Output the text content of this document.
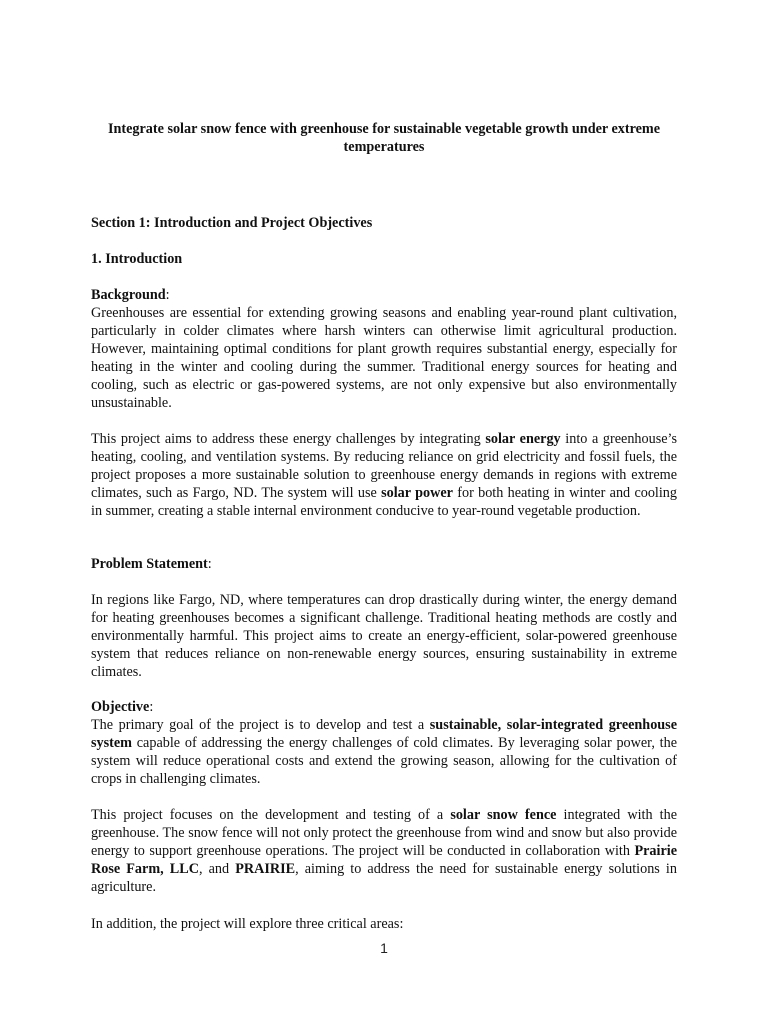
Integrate solar snow fence with greenhouse for sustainable vegetable growth under extreme temperatures

Section 1: Introduction and Project Objectives

1. Introduction

Background:

Greenhouses are essential for extending growing seasons and enabling year-round plant cultivation, particularly in colder climates where harsh winters can otherwise limit agricultural production. However, maintaining optimal conditions for plant growth requires substantial energy, especially for heating in the winter and cooling during the summer. Traditional energy sources for heating and cooling, such as electric or gas-powered systems, are not only expensive but also environmentally unsustainable.

This project aims to address these energy challenges by integrating solar energy into a greenhouse’s heating, cooling, and ventilation systems. By reducing reliance on grid electricity and fossil fuels, the project proposes a more sustainable solution to greenhouse energy demands in regions with extreme climates, such as Fargo, ND. The system will use solar power for both heating in winter and cooling in summer, creating a stable internal environment conducive to year-round vegetable production.

Problem Statement:

In regions like Fargo, ND, where temperatures can drop drastically during winter, the energy demand for heating greenhouses becomes a significant challenge. Traditional heating methods are costly and environmentally harmful. This project aims to create an energy-efficient, solar-powered greenhouse system that reduces reliance on non-renewable energy sources, ensuring sustainability in extreme climates.

Objective:

The primary goal of the project is to develop and test a sustainable, solar-integrated greenhouse system capable of addressing the energy challenges of cold climates. By leveraging solar power, the system will reduce operational costs and extend the growing season, allowing for the cultivation of crops in challenging climates.

This project focuses on the development and testing of a solar snow fence integrated with the greenhouse. The snow fence will not only protect the greenhouse from wind and snow but also provide energy to support greenhouse operations. The project will be conducted in collaboration with Prairie Rose Farm, LLC, and PRAIRIE, aiming to address the need for sustainable energy solutions in agriculture.

In addition, the project will explore three critical areas:

1
